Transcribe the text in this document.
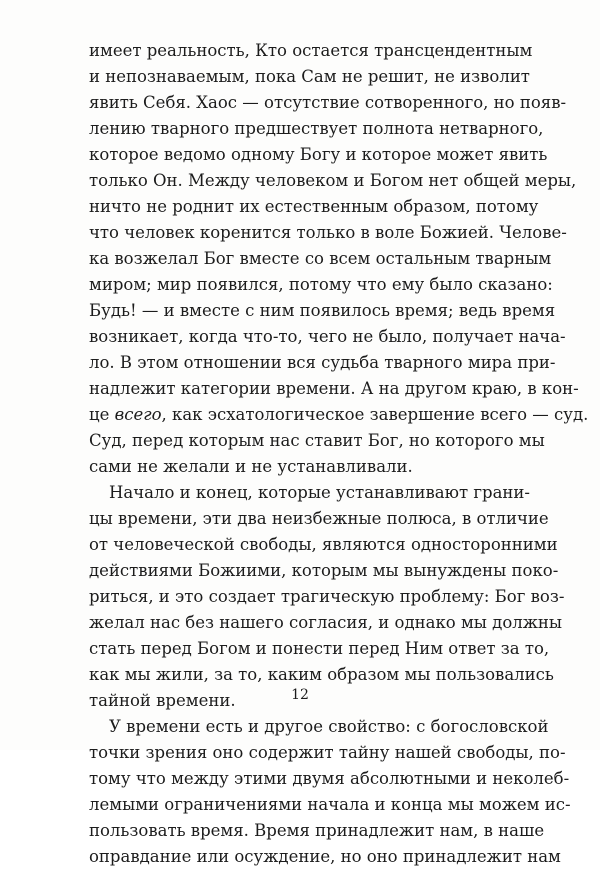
имеет реальность, Кто остается трансцендентным
и непознаваемым, пока Сам не решит, не изволит
явить Себя. Хаос — отсутствие сотворенного, но появ-
лению тварного предшествует полнота нетварного,
которое ведомо одному Богу и которое может явить
только Он. Между человеком и Богом нет общей меры,
ничто не роднит их естественным образом, потому
что человек коренится только в воле Божией. Челове-
ка возжелал Бог вместе со всем остальным тварным
миром; мир появился, потому что ему было сказано:
Будь! — и вместе с ним появилось время; ведь время
возникает, когда что-то, чего не было, получает нача-
ло. В этом отношении вся судьба тварного мира при-
надлежит категории времени. А на другом краю, в кон-
це всего, как эсхатологическое завершение всего — суд.
Суд, перед которым нас ставит Бог, но которого мы
сами не желали и не устанавливали.
Начало и конец, которые устанавливают грани-
цы времени, эти два неизбежные полюса, в отличие
от человеческой свободы, являются односторонними
действиями Божиими, которым мы вынуждены поко-
риться, и это создает трагическую проблему: Бог воз-
желал нас без нашего согласия, и однако мы должны
стать перед Богом и понести перед Ним ответ за то,
как мы жили, за то, каким образом мы пользовались
тайной времени.
У времени есть и другое свойство: с богословской
точки зрения оно содержит тайну нашей свободы, по-
тому что между этими двумя абсолютными и неколеб-
лемыми ограничениями начала и конца мы можем ис-
пользовать время. Время принадлежит нам, в наше
оправдание или осуждение, но оно принадлежит нам
12
